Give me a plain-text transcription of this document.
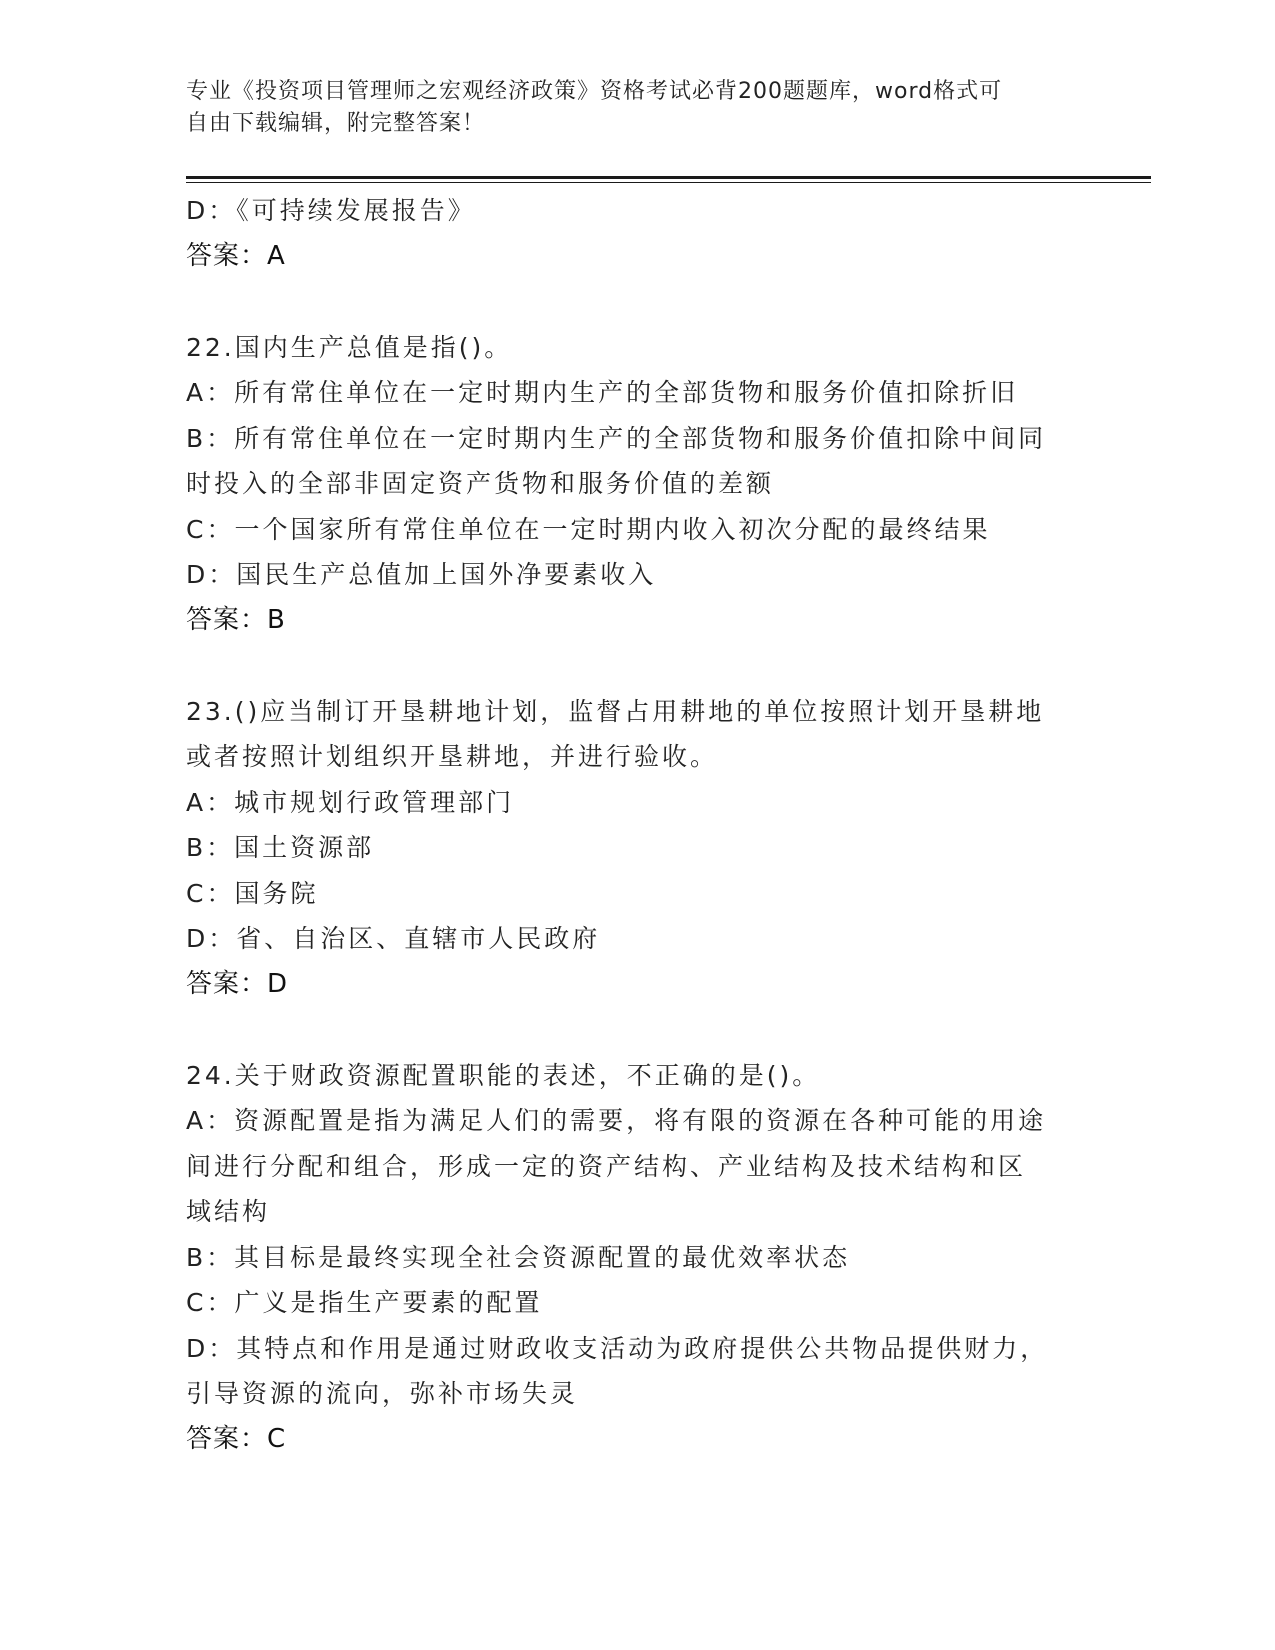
专业《投资项目管理师之宏观经济政策》资格考试必背200题题库，word格式可
自由下载编辑，附完整答案！
D：《可持续发展报告》
答案：A
22.国内生产总值是指()。
A：所有常住单位在一定时期内生产的全部货物和服务价值扣除折旧
B：所有常住单位在一定时期内生产的全部货物和服务价值扣除中间同
时投入的全部非固定资产货物和服务价值的差额
C：一个国家所有常住单位在一定时期内收入初次分配的最终结果
D：国民生产总值加上国外净要素收入
答案：B
23.()应当制订开垦耕地计划，监督占用耕地的单位按照计划开垦耕地
或者按照计划组织开垦耕地，并进行验收。
A：城市规划行政管理部门
B：国土资源部
C：国务院
D：省、自治区、直辖市人民政府
答案：D
24.关于财政资源配置职能的表述，不正确的是()。
A：资源配置是指为满足人们的需要，将有限的资源在各种可能的用途
间进行分配和组合，形成一定的资产结构、产业结构及技术结构和区
域结构
B：其目标是最终实现全社会资源配置的最优效率状态
C：广义是指生产要素的配置
D：其特点和作用是通过财政收支活动为政府提供公共物品提供财力，
引导资源的流向，弥补市场失灵
答案：C
